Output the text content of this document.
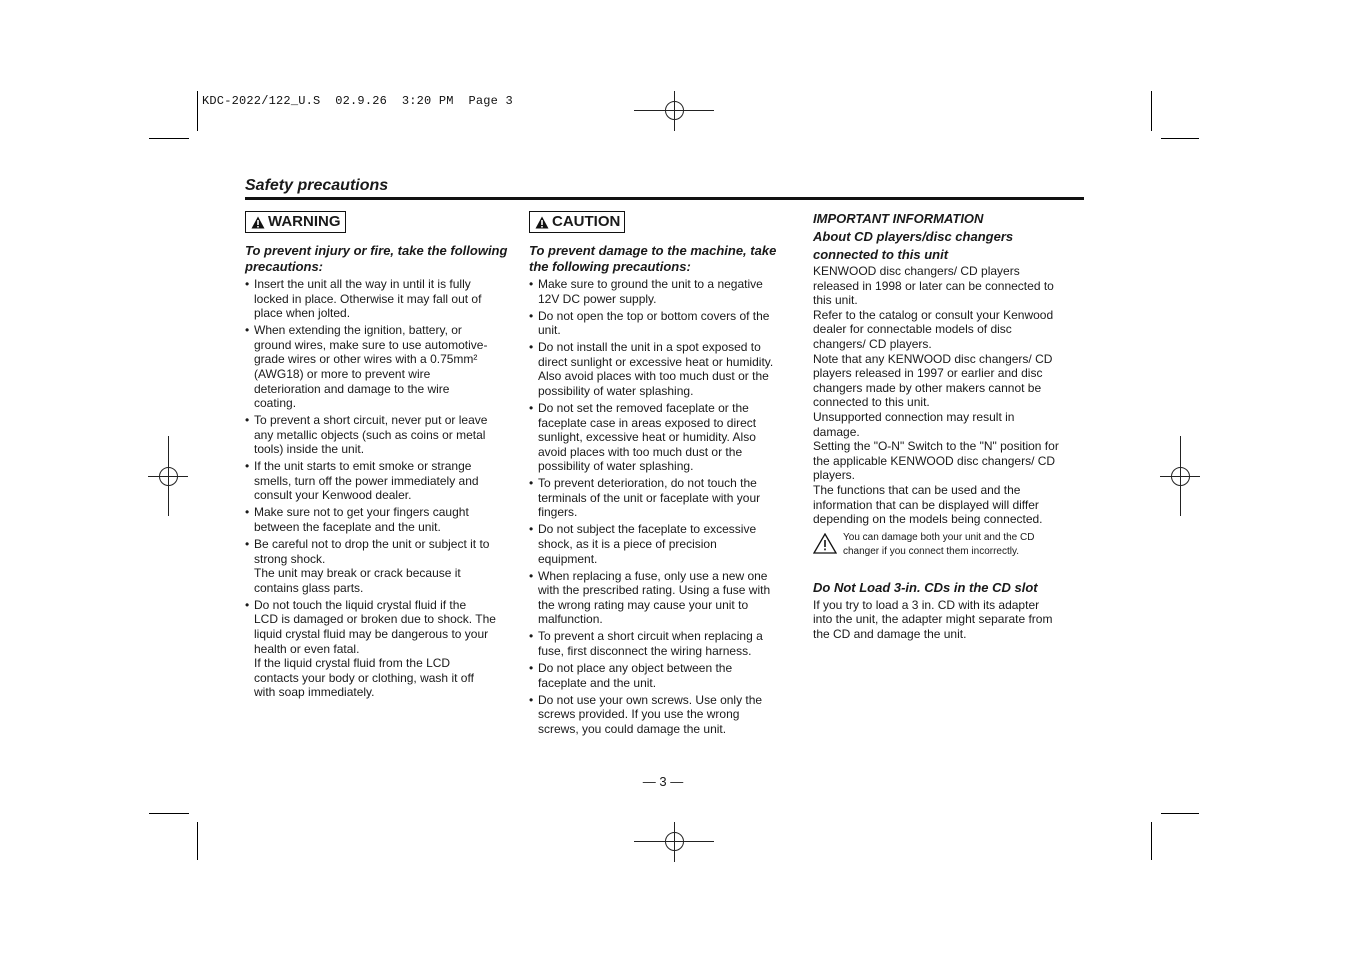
KDC-2022/122_U.S  02.9.26  3:20 PM  Page 3
Safety precautions
WARNING
To prevent injury or fire, take the following precautions:
• Insert the unit all the way in until it is fully
locked in place. Otherwise it may fall out of
place when jolted.
• When extending the ignition, battery, or
ground wires, make sure to use automotive-
grade wires or other wires with a 0.75mm²
(AWG18) or more to prevent wire
deterioration and damage to the wire
coating.
• To prevent a short circuit, never put or leave
any metallic objects (such as coins or metal
tools) inside the unit.
• If the unit starts to emit smoke or strange
smells, turn off the power immediately and
consult your Kenwood dealer.
• Make sure not to get your fingers caught
between the faceplate and the unit.
• Be careful not to drop the unit or subject it to
strong shock.
The unit may break or crack because it
contains glass parts.
• Do not touch the liquid crystal fluid if the
LCD is damaged or broken due to shock. The
liquid crystal fluid may be dangerous to your
health or even fatal.
If the liquid crystal fluid from the LCD
contacts your body or clothing, wash it off
with soap immediately.
CAUTION
To prevent damage to the machine, take the following precautions:
• Make sure to ground the unit to a negative
12V DC power supply.
• Do not open the top or bottom covers of the
unit.
• Do not install the unit in a spot exposed to
direct sunlight or excessive heat or humidity.
Also avoid places with too much dust or the
possibility of water splashing.
• Do not set the removed faceplate or the
faceplate case in areas exposed to direct
sunlight, excessive heat or humidity. Also
avoid places with too much dust or the
possibility of water splashing.
• To prevent deterioration, do not touch the
terminals of the unit or faceplate with your
fingers.
• Do not subject the faceplate to excessive
shock, as it is a piece of precision
equipment.
• When replacing a fuse, only use a new one
with the prescribed rating. Using a fuse with
the wrong rating may cause your unit to
malfunction.
• To prevent a short circuit when replacing a
fuse, first disconnect the wiring harness.
• Do not place any object between the
faceplate and the unit.
• Do not use your own screws. Use only the
screws provided. If you use the wrong
screws, you could damage the unit.
IMPORTANT INFORMATION
About CD players/disc changers
connected to this unit
KENWOOD disc changers/ CD players
released in 1998 or later can be connected to
this unit.
Refer to the catalog or consult your Kenwood
dealer for connectable models of disc
changers/ CD players.
Note that any KENWOOD disc changers/ CD
players released in 1997 or earlier and disc
changers made by other makers cannot be
connected to this unit.
Unsupported connection may result in
damage.
Setting the "O-N" Switch to the "N" position for
the applicable KENWOOD disc changers/ CD
players.
The functions that can be used and the
information that can be displayed will differ
depending on the models being connected.
You can damage both your unit and the CD
changer if you connect them incorrectly.
Do Not Load 3-in. CDs in the CD slot
If you try to load a 3 in. CD with its adapter
into the unit, the adapter might separate from
the CD and damage the unit.
— 3 —
